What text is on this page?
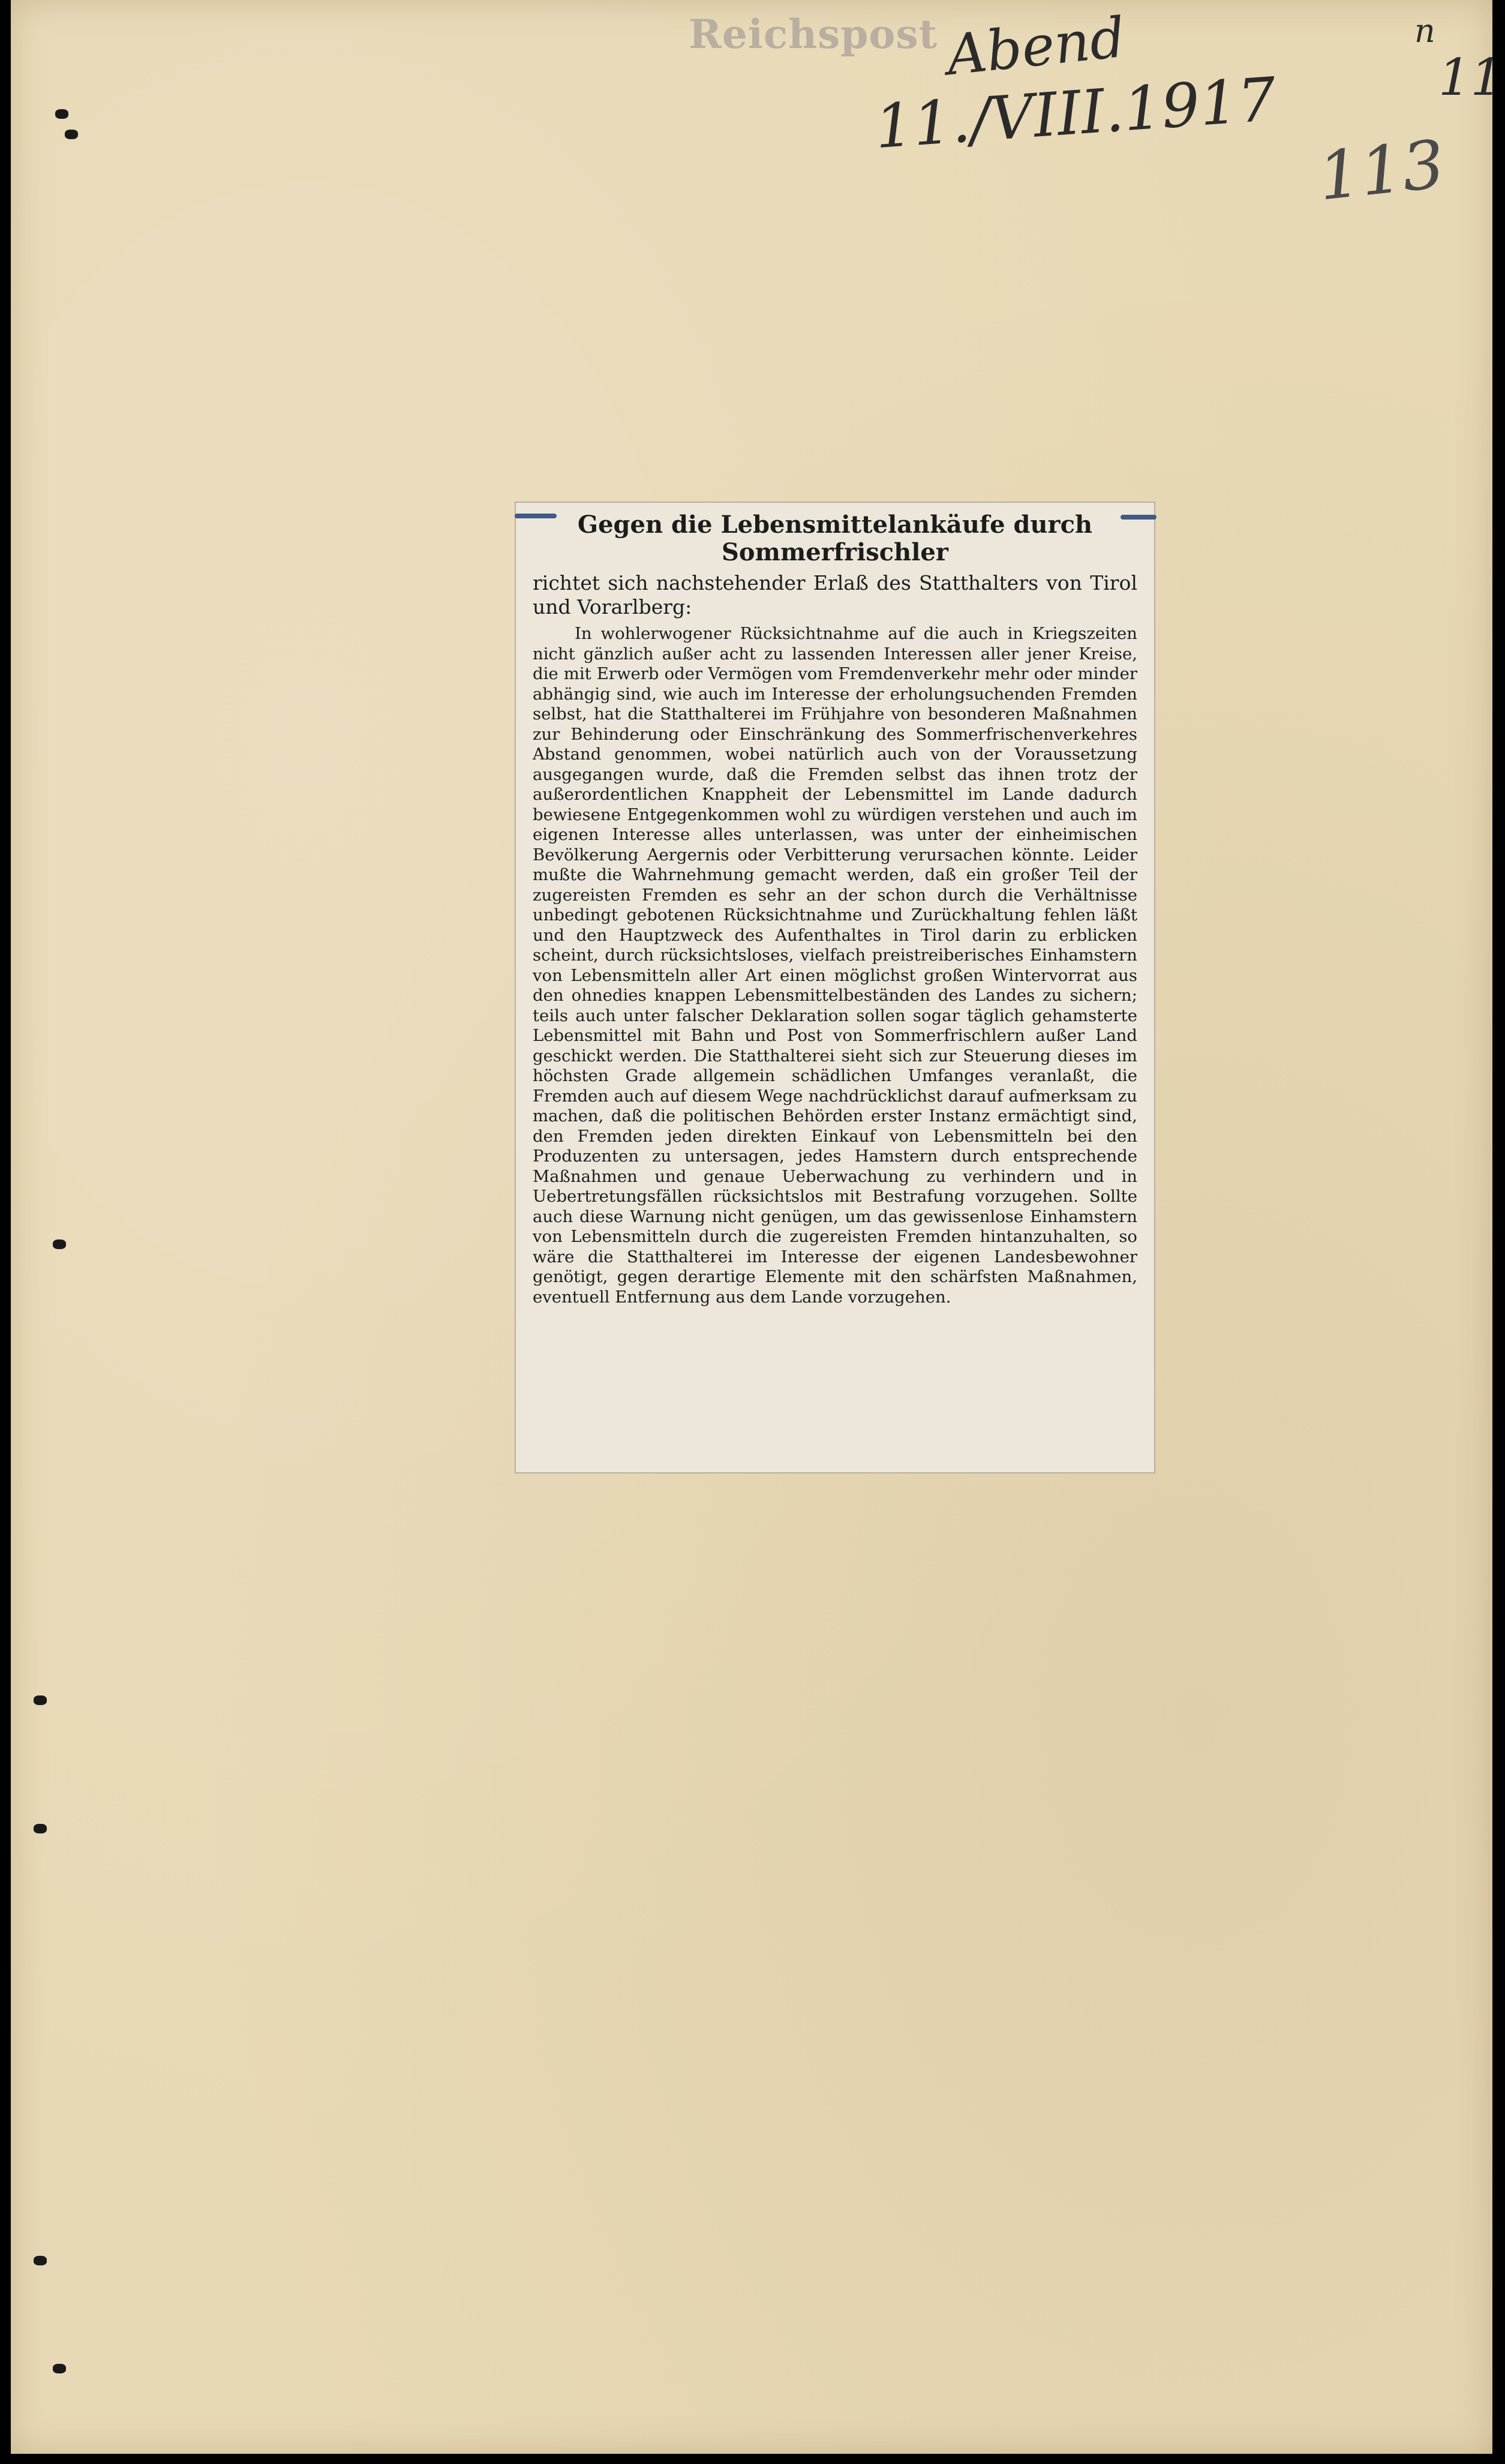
Reichspost Abend
11./VIII.1917
n
11
113

Gegen die Lebensmittelankäufe durch Sommerfrischler

richtet sich nachstehender Erlaß des Statthalters von Tirol und Vorarlberg:

In wohlerwogener Rücksichtnahme auf die auch in Kriegszeiten nicht gänzlich außer acht zu lassenden Interessen aller jener Kreise, die mit Erwerb oder Vermögen vom Fremdenverkehr mehr oder minder abhängig sind, wie auch im Interesse der erholungsuchenden Fremden selbst, hat die Statthalterei im Frühjahre von besonderen Maßnahmen zur Behinderung oder Einschränkung des Sommerfrischenverkehres Abstand genommen, wobei natürlich auch von der Voraussetzung ausgegangen wurde, daß die Fremden selbst das ihnen trotz der außerordentlichen Knappheit der Lebensmittel im Lande dadurch bewiesene Entgegenkommen wohl zu würdigen verstehen und auch im eigenen Interesse alles unterlassen, was unter der einheimischen Bevölkerung Aergernis oder Verbitterung verursachen könnte. Leider mußte die Wahrnehmung gemacht werden, daß ein großer Teil der zugereisten Fremden es sehr an der schon durch die Verhältnisse unbedingt gebotenen Rücksichtnahme und Zurückhaltung fehlen läßt und den Hauptzweck des Aufenthaltes in Tirol darin zu erblicken scheint, durch rücksichtsloses, vielfach preistreiberisches Einhamstern von Lebensmitteln aller Art einen möglichst großen Wintervorrat aus den ohnedies knappen Lebensmittelbeständen des Landes zu sichern; teils auch unter falscher Deklaration sollen sogar täglich gehamsterte Lebensmittel mit Bahn und Post von Sommerfrischlern außer Land geschickt werden. Die Statthalterei sieht sich zur Steuerung dieses im höchsten Grade allgemein schädlichen Umfanges veranlaßt, die Fremden auch auf diesem Wege nachdrücklichst darauf aufmerksam zu machen, daß die politischen Behörden erster Instanz ermächtigt sind, den Fremden jeden direkten Einkauf von Lebensmitteln bei den Produzenten zu untersagen, jedes Hamstern durch entsprechende Maßnahmen und genaue Ueberwachung zu verhindern und in Uebertretungsfällen rücksichtslos mit Bestrafung vorzugehen. Sollte auch diese Warnung nicht genügen, um das gewissenlose Einhamstern von Lebensmitteln durch die zugereisten Fremden hintanzuhalten, so wäre die Statthalterei im Interesse der eigenen Landesbewohner genötigt, gegen derartige Elemente mit den schärfsten Maßnahmen, eventuell Entfernung aus dem Lande vorzugehen.
